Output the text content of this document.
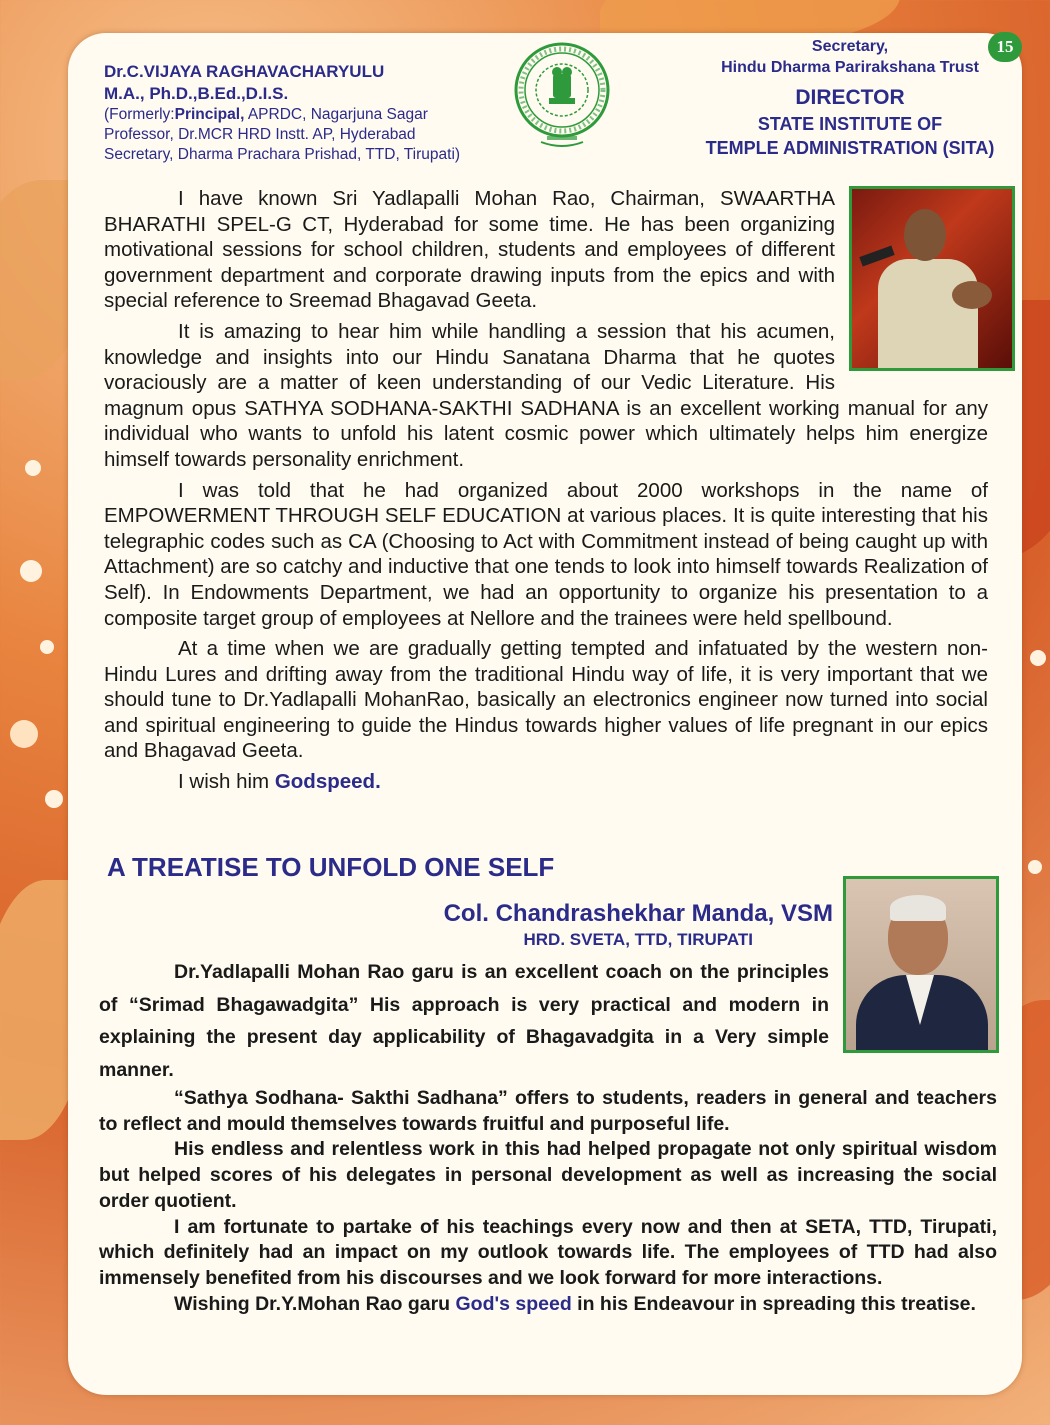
15
Dr.C.VIJAYA RAGHAVACHARYULU
M.A., Ph.D.,B.Ed.,D.I.S.
(Formerly:Principal, APRDC, Nagarjuna Sagar
Professor, Dr.MCR HRD Instt. AP, Hyderabad
Secretary, Dharma Prachara Prishad, TTD, Tirupati)
Secretary,
Hindu Dharma Parirakshana Trust
DIRECTOR
STATE INSTITUTE OF
TEMPLE ADMINISTRATION (SITA)

I have known Sri Yadlapalli Mohan Rao, Chairman, SWAARTHA BHARATHI SPEL-G CT, Hyderabad for some time. He has been organizing motivational sessions for school children, students and employees of different government department and corporate drawing inputs from the epics and with special reference to Sreemad Bhagavad Geeta.

It is amazing to hear him while handling a session that his acumen, knowledge and insights into our Hindu Sanatana Dharma that he quotes voraciously are a matter of keen understanding of our Vedic Literature. His magnum opus SATHYA SODHANA-SAKTHI SADHANA is an excellent working manual for any individual who wants to unfold his latent cosmic power which ultimately helps him energize himself towards personality enrichment.

I was told that he had organized about 2000 workshops in the name of EMPOWERMENT THROUGH SELF EDUCATION at various places. It is quite interesting that his telegraphic codes such as CA (Choosing to Act with Commitment instead of being caught up with Attachment) are so catchy and inductive that one tends to look into himself towards Realization of Self). In Endowments Department, we had an opportunity to organize his presentation to a composite target group of employees at Nellore and the trainees were held spellbound.

At a time when we are gradually getting tempted and infatuated by the western non-Hindu Lures and drifting away from the traditional Hindu way of life, it is very important that we should tune to Dr.Yadlapalli MohanRao, basically an electronics engineer now turned into social and spiritual engineering to guide the Hindus towards higher values of life pregnant in our epics and Bhagavad Geeta.

I wish him Godspeed.

A TREATISE TO UNFOLD ONE SELF
Col. Chandrashekhar Manda, VSM
HRD. SVETA, TTD, TIRUPATI

Dr.Yadlapalli Mohan Rao garu is an excellent coach on the principles of “Srimad Bhagawadgita” His approach is very practical and modern in explaining the present day applicability of Bhagavadgita in a Very simple manner.

“Sathya Sodhana- Sakthi Sadhana” offers to students, readers in general and teachers to reflect and mould themselves towards fruitful and purposeful life.

His endless and relentless work in this had helped propagate not only spiritual wisdom but helped scores of his delegates in personal development as well as increasing the social order quotient.

I am fortunate to partake of his teachings every now and then at SETA, TTD, Tirupati, which definitely had an impact on my outlook towards life. The employees of TTD had also immensely benefited from his discourses and we look forward for more interactions.

Wishing Dr.Y.Mohan Rao garu God's speed in his Endeavour in spreading this treatise.
